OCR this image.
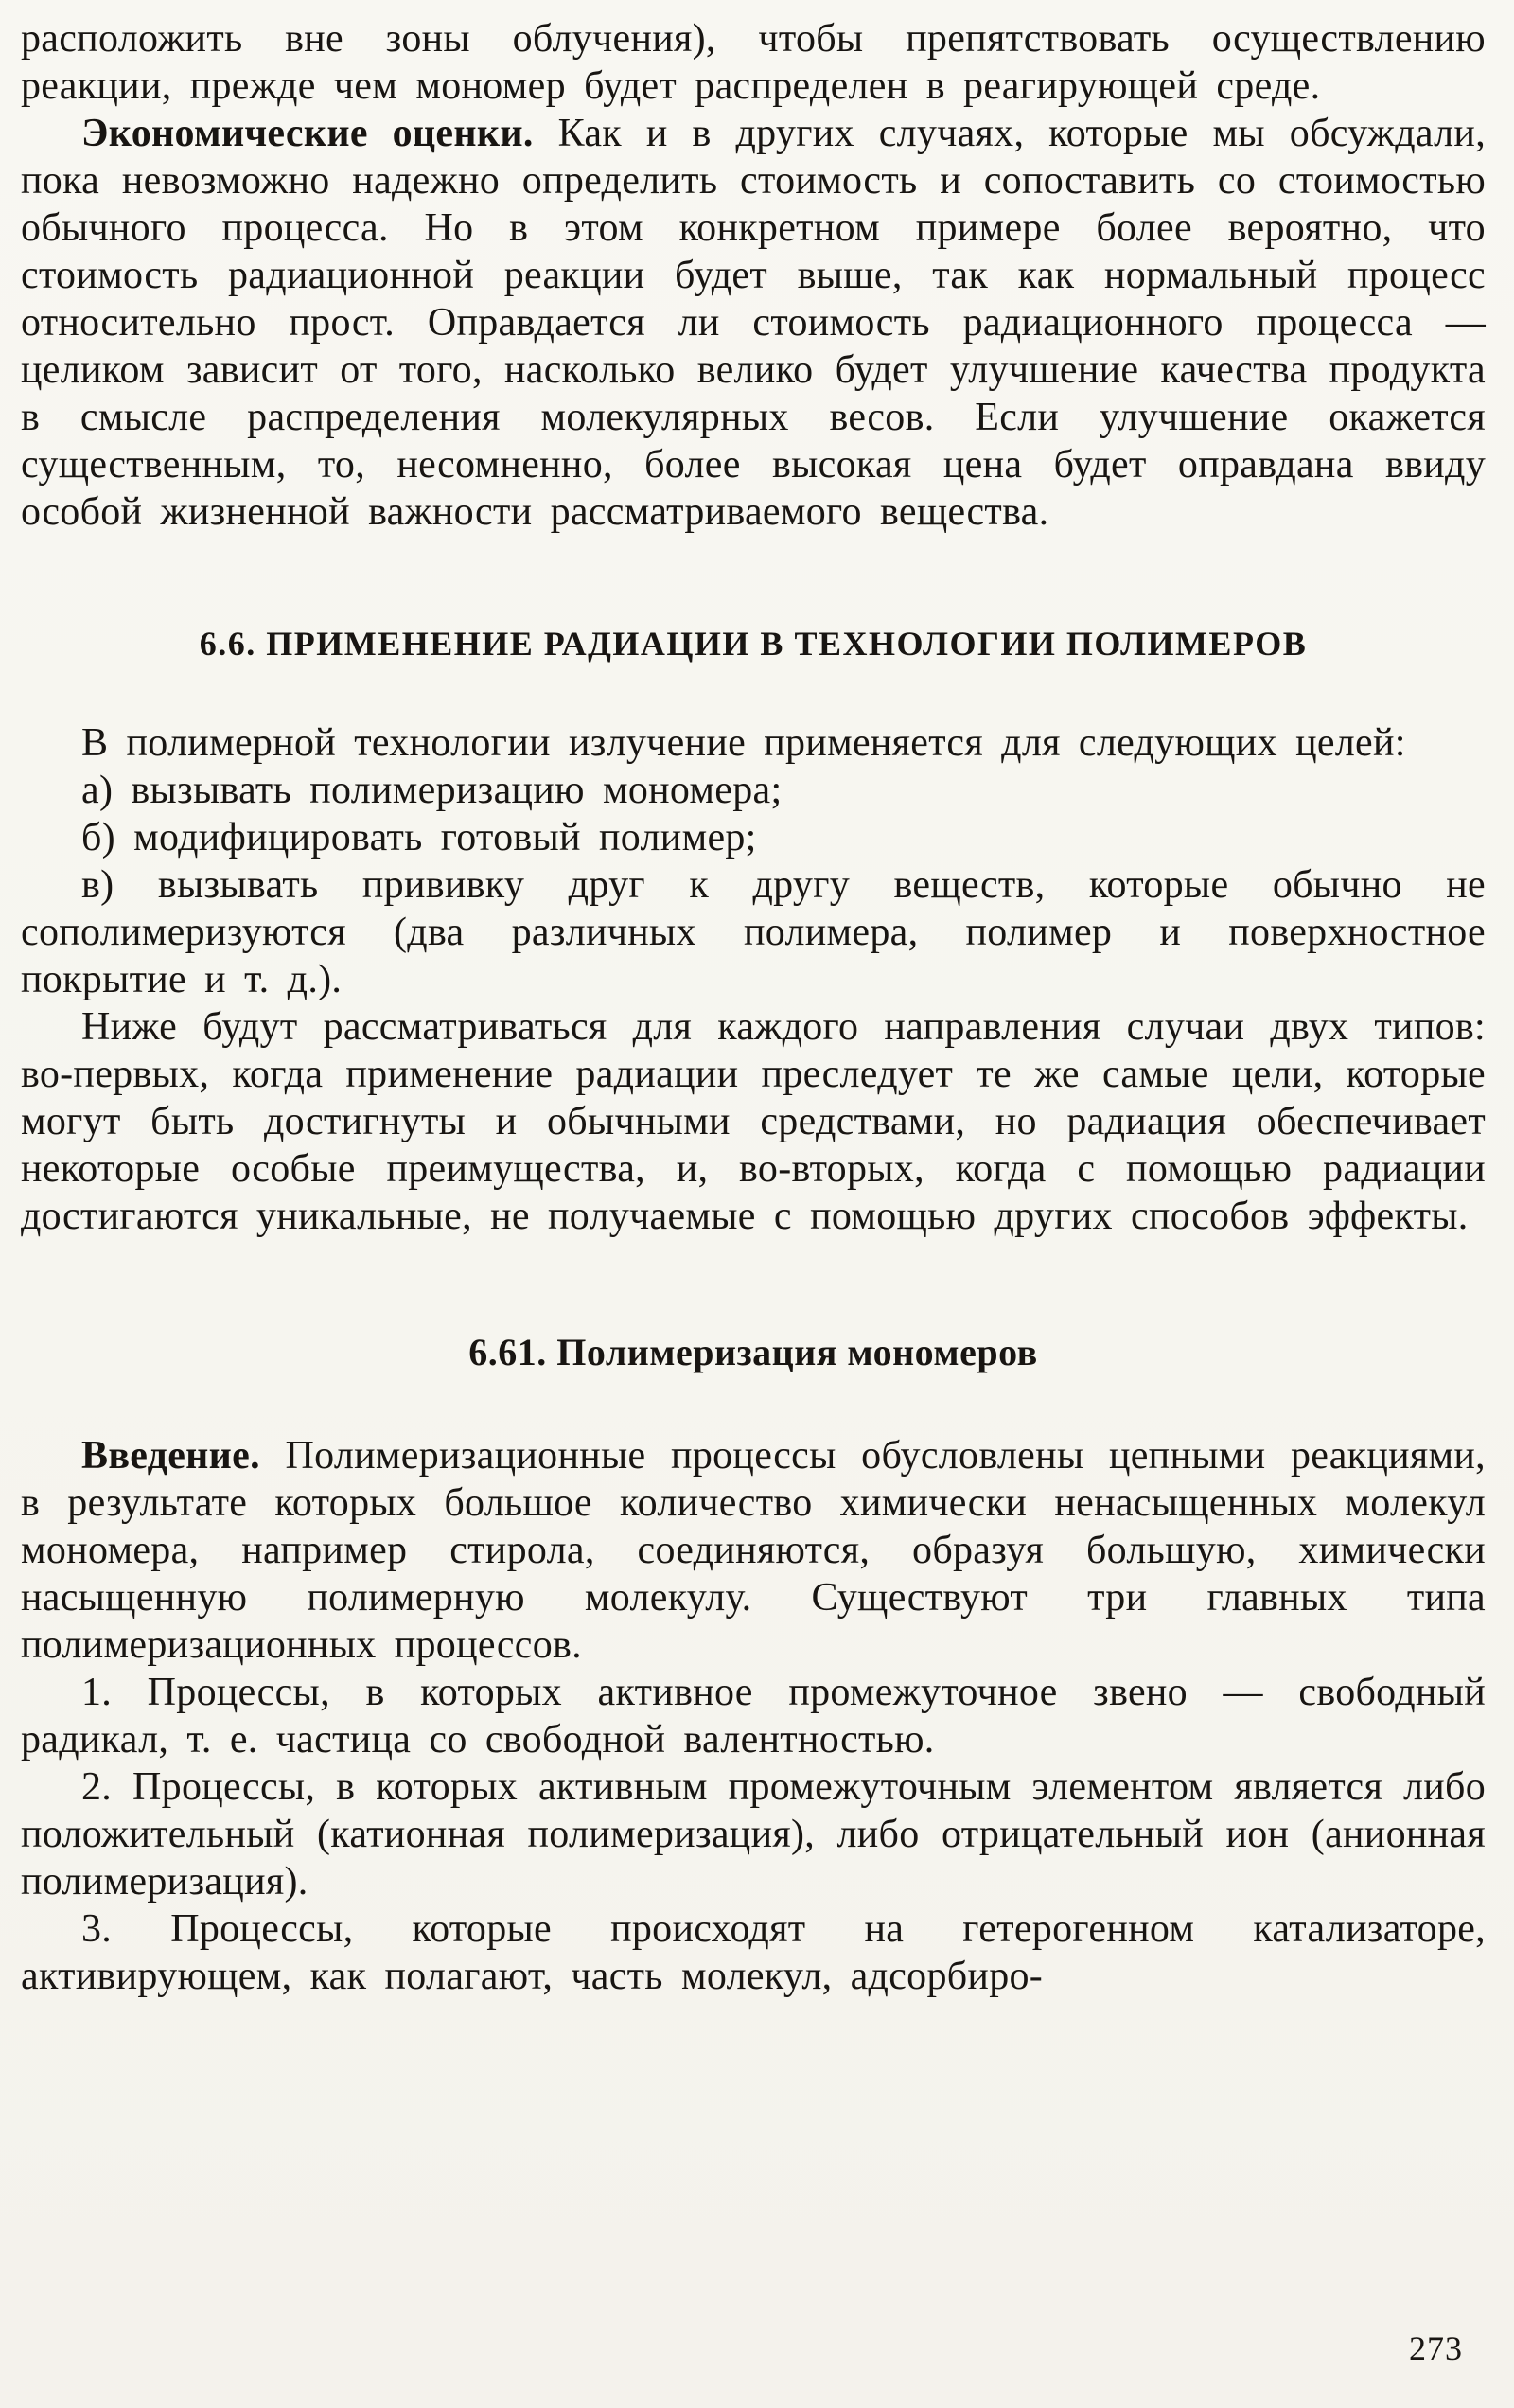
расположить вне зоны облучения), чтобы препятствовать осуществлению реакции, прежде чем мономер будет распределен в реагирующей среде.

Экономические оценки. Как и в других случаях, которые мы обсуждали, пока невозможно надежно определить стоимость и сопоставить со стоимостью обычного процесса. Но в этом конкретном примере более вероятно, что стоимость радиационной реакции будет выше, так как нормальный процесс относительно прост. Оправдается ли стоимость радиационного процесса — целиком зависит от того, насколько велико будет улучшение качества продукта в смысле распределения молекулярных весов. Если улучшение окажется существенным, то, несомненно, более высокая цена будет оправдана ввиду особой жизненной важности рассматриваемого вещества.

6.6. ПРИМЕНЕНИЕ РАДИАЦИИ В ТЕХНОЛОГИИ ПОЛИМЕРОВ

В полимерной технологии излучение применяется для следующих целей:

а) вызывать полимеризацию мономера;

б) модифицировать готовый полимер;

в) вызывать прививку друг к другу веществ, которые обычно не сополимеризуются (два различных полимера, полимер и поверхностное покрытие и т. д.).

Ниже будут рассматриваться для каждого направления случаи двух типов: во-первых, когда применение радиации преследует те же самые цели, которые могут быть достигнуты и обычными средствами, но радиация обеспечивает некоторые особые преимущества, и, во-вторых, когда с помощью радиации достигаются уникальные, не получаемые с помощью других способов эффекты.

6.61. Полимеризация мономеров

Введение. Полимеризационные процессы обусловлены цепными реакциями, в результате которых большое количество химически ненасыщенных молекул мономера, например стирола, соединяются, образуя большую, химически насыщенную полимерную молекулу. Существуют три главных типа полимеризационных процессов.

1. Процессы, в которых активное промежуточное звено — свободный радикал, т. е. частица со свободной валентностью.

2. Процессы, в которых активным промежуточным элементом является либо положительный (катионная полимеризация), либо отрицательный ион (анионная полимеризация).

3. Процессы, которые происходят на гетерогенном катализаторе, активирующем, как полагают, часть молекул, адсорбиро-

273
